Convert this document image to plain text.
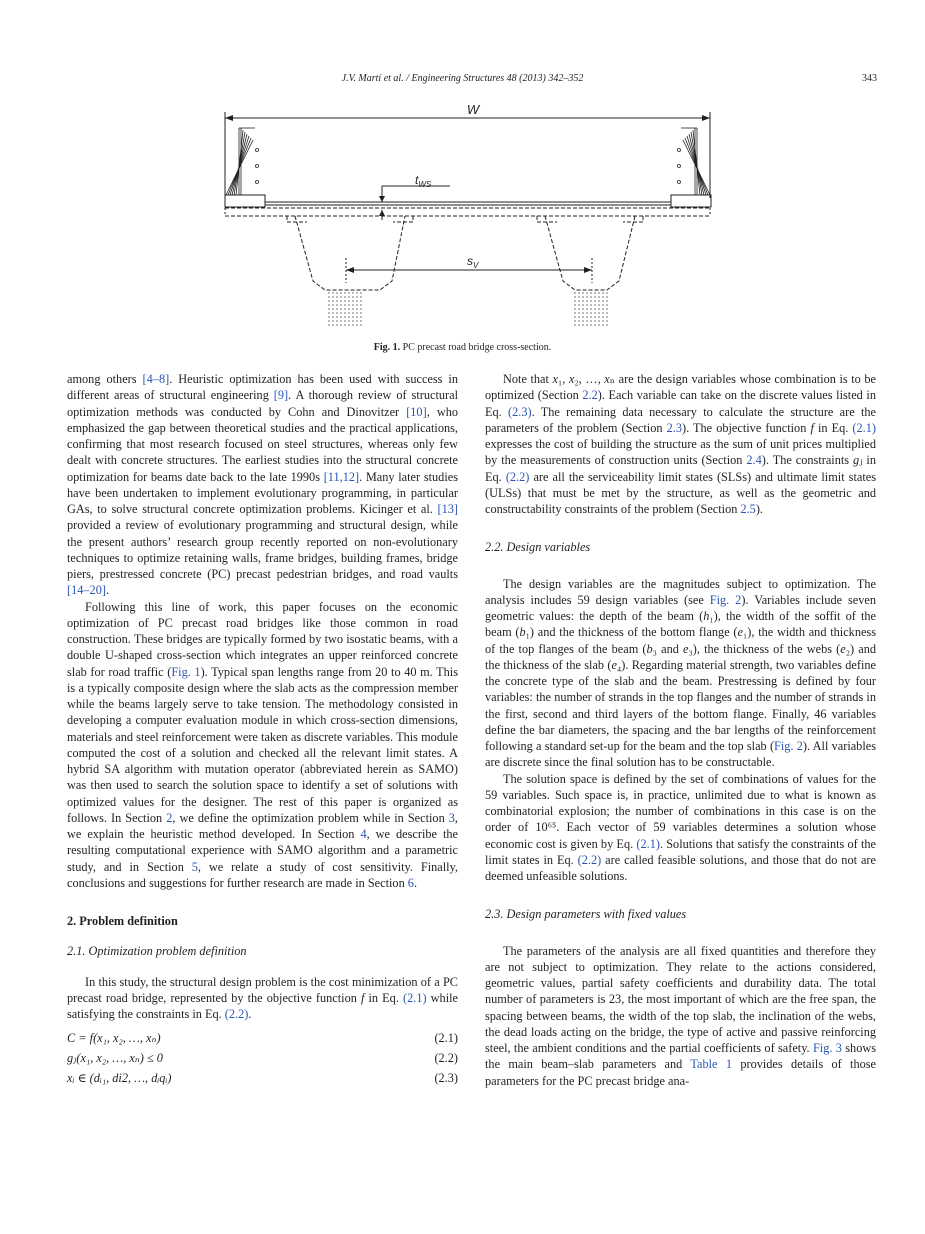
J.V. Martí et al. / Engineering Structures 48 (2013) 342–352	343
W
$t_{WS}$
$s_V$
Fig. 1. PC precast road bridge cross-section.

among others [4–8]. Heuristic optimization has been used with success in different areas of structural engineering [9]. A thorough review of structural optimization methods was conducted by Cohn and Dinovitzer [10], who emphasized the gap between theoretical studies and the practical applications, confirming that most research focused on steel structures, whereas only few dealt with concrete structures. The earliest studies into the structural concrete optimization for beams date back to the late 1990s [11,12]. Many later studies have been undertaken to implement evolutionary programming, in particular GAs, to solve structural concrete optimization problems. Kicinger et al. [13] provided a review of evolutionary programming and structural design, while the present authors’ research group recently reported on non-evolutionary techniques to optimize retaining walls, frame bridges, building frames, bridge piers, prestressed concrete (PC) precast pedestrian bridges, and road vaults [14–20].

Following this line of work, this paper focuses on the economic optimization of PC precast road bridges like those common in road construction. These bridges are typically formed by two isostatic beams, with a double U-shaped cross-section which integrates an upper reinforced concrete slab for road traffic (Fig. 1). Typical span lengths range from 20 to 40 m. This is a typically composite design where the slab acts as the compression member while the beams largely serve to take tension. The methodology consisted in developing a computer evaluation module in which cross-section dimensions, materials and steel reinforcement were taken as discrete variables. This module computed the cost of a solution and checked all the relevant limit states. A hybrid SA algorithm with mutation operator (abbreviated herein as SAMO) was then used to search the solution space to identify a set of solutions with optimized values for the designer. The rest of this paper is organized as follows. In Section 2, we define the optimization problem while in Section 3, we explain the heuristic method developed. In Section 4, we describe the resulting computational experience with SAMO algorithm and a parametric study, and in Section 5, we relate a study of cost sensitivity. Finally, conclusions and suggestions for further research are made in Section 6.

2. Problem definition
2.1. Optimization problem definition

In this study, the structural design problem is the cost minimization of a PC precast road bridge, represented by the objective function f in Eq. (2.1) while satisfying the constraints in Eq. (2.2).

C = f(x₁, x₂, …, xₙ)	(2.1)
gⱼ(x₁, x₂, …, xₙ) ≤ 0	(2.2)
xᵢ ∈ (dᵢ₁, di2, …, dᵢqᵢ)	(2.3)

Note that x₁, x₂, …, xₙ are the design variables whose combination is to be optimized (Section 2.2). Each variable can take on the discrete values listed in Eq. (2.3). The remaining data necessary to calculate the structure are the parameters of the problem (Section 2.3). The objective function f in Eq. (2.1) expresses the cost of building the structure as the sum of unit prices multiplied by the measurements of construction units (Section 2.4). The constraints gⱼ in Eq. (2.2) are all the serviceability limit states (SLSs) and ultimate limit states (ULSs) that must be met by the structure, as well as the geometric and constructability constraints of the problem (Section 2.5).

2.2. Design variables

The design variables are the magnitudes subject to optimization. The analysis includes 59 design variables (see Fig. 2). Variables include seven geometric values: the depth of the beam (h₁), the width of the soffit of the beam (b₁) and the thickness of the bottom flange (e₁), the width and thickness of the top flanges of the beam (b₃ and e₃), the thickness of the webs (e₂) and the thickness of the slab (e₄). Regarding material strength, two variables define the concrete type of the slab and the beam. Prestressing is defined by four variables: the number of strands in the top flanges and the number of strands in the first, second and third layers of the bottom flange. Finally, 46 variables define the bar diameters, the spacing and the bar lengths of the reinforcement following a standard set-up for the beam and the top slab (Fig. 2). All variables are discrete since the final solution has to be constructable.

The solution space is defined by the set of combinations of values for the 59 variables. Such space is, in practice, unlimited due to what is known as combinatorial explosion; the number of combinations in this case is on the order of 10⁶⁵. Each vector of 59 variables determines a solution whose economic cost is given by Eq. (2.1). Solutions that satisfy the constraints of the limit states in Eq. (2.2) are called feasible solutions, and those that do not are deemed unfeasible solutions.

2.3. Design parameters with fixed values

The parameters of the analysis are all fixed quantities and therefore they are not subject to optimization. They relate to the actions considered, geometric values, partial safety coefficients and durability data. The total number of parameters is 23, the most important of which are the free span, the spacing between beams, the width of the top slab, the inclination of the webs, the dead loads acting on the bridge, the type of active and passive reinforcing steel, the ambient conditions and the partial coefficients of safety. Fig. 3 shows the main beam–slab parameters and Table 1 provides details of those parameters for the PC precast bridge ana-
